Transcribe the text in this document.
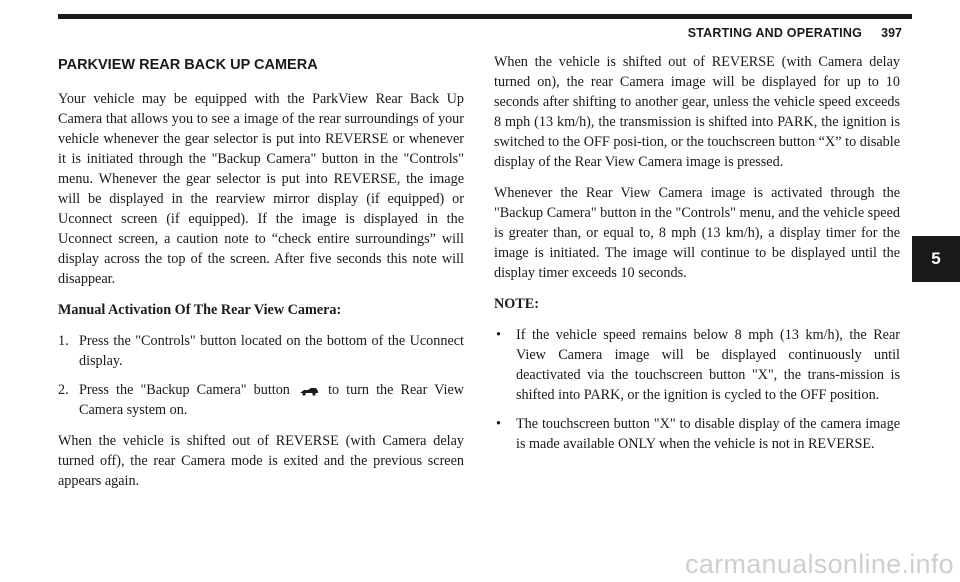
STARTING AND OPERATING 397
5
PARKVIEW REAR BACK UP CAMERA

Your vehicle may be equipped with the ParkView Rear Back Up Camera that allows you to see a image of the rear surroundings of your vehicle whenever the gear selector is put into REVERSE or whenever it is initiated through the "Backup Camera" button in the "Controls" menu. Whenever the gear selector is put into REVERSE, the image will be displayed in the rearview mirror display (if equipped) or Uconnect screen (if equipped). If the image is displayed in the Uconnect screen, a caution note to “check entire surroundings” will display across the top of the screen. After five seconds this note will disappear.

Manual Activation Of The Rear View Camera:

1. Press the "Controls" button located on the bottom of the Uconnect display.
2. Press the "Backup Camera" button	to turn the Rear View Camera system on.

When the vehicle is shifted out of REVERSE (with Camera delay turned off), the rear Camera mode is exited and the previous screen appears again.

When the vehicle is shifted out of REVERSE (with Camera delay turned on), the rear Camera image will be displayed for up to 10 seconds after shifting to another gear, unless the vehicle speed exceeds 8 mph (13 km/h), the transmission is shifted into PARK, the ignition is switched to the OFF posi-tion, or the touchscreen button “X” to disable display of the Rear View Camera image is pressed.

Whenever the Rear View Camera image is activated through the "Backup Camera" button in the "Controls" menu, and the vehicle speed is greater than, or equal to, 8 mph (13 km/h), a display timer for the image is initiated. The image will continue to be displayed until the display timer exceeds 10 seconds.

NOTE:

• If the vehicle speed remains below 8 mph (13 km/h), the Rear View Camera image will be displayed continuously until deactivated via the touchscreen button "X", the trans-mission is shifted into PARK, or the ignition is cycled to the OFF position.
• The touchscreen button "X" to disable display of the camera image is made available ONLY when the vehicle is not in REVERSE.
carmanualsonline.info
